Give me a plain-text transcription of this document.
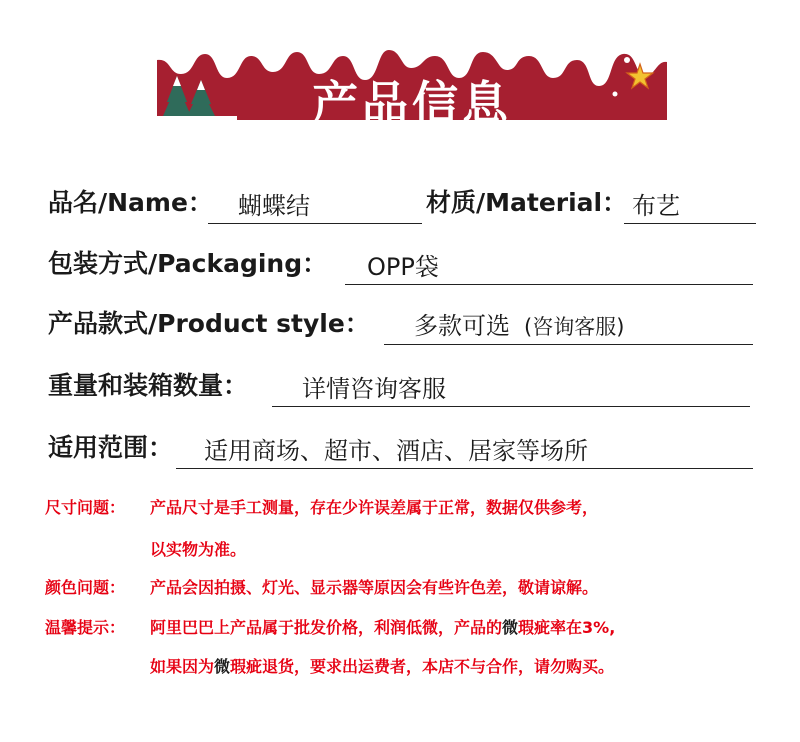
产品信息
品名/Name： 蝴蝶结	材质/Material： 布艺
包装方式/Packaging： OPP袋
产品款式/Product style： 多款可选 (咨询客服)
重量和装箱数量： 详情咨询客服
适用范围： 适用商场、超市、酒店、居家等场所
尺寸问题： 产品尺寸是手工测量，存在少许误差属于正常，数据仅供参考，
以实物为准。
颜色问题： 产品会因拍摄、灯光、显示器等原因会有些许色差，敬请谅解。
温馨提示： 阿里巴巴上产品属于批发价格，利润低微，产品的微瑕疵率在3%,
如果因为微瑕疵退货，要求出运费者，本店不与合作，请勿购买。
